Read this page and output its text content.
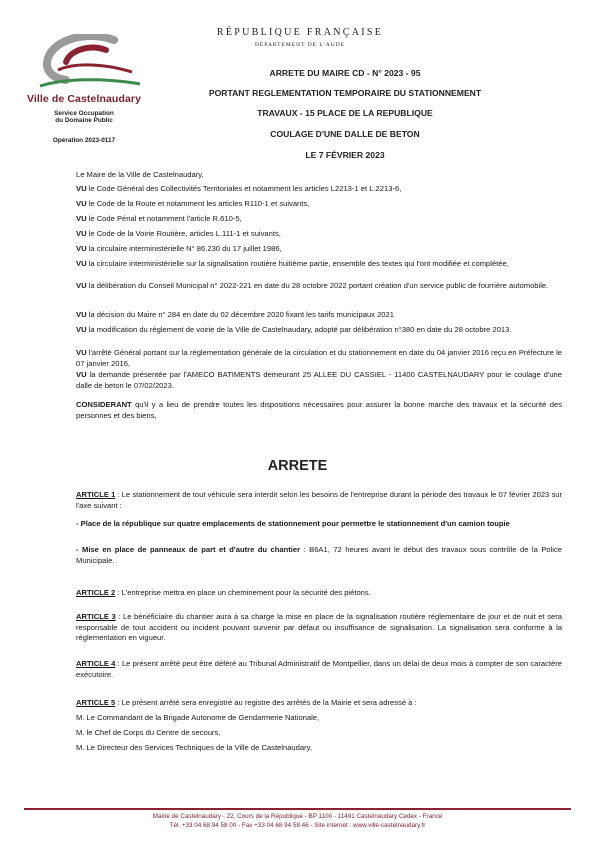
Ville de Castelnaudary
Service Occupation
du Domaine Public
Opération 2023-0117
RÉPUBLIQUE FRANÇAISE
DÉPARTEMENT DE L'AUDE
ARRETE DU MAIRE CD - N° 2023 - 95
PORTANT REGLEMENTATION TEMPORAIRE DU STATIONNEMENT
TRAVAUX - 15 PLACE DE LA REPUBLIQUE
COULAGE D'UNE DALLE DE BETON
LE 7 FÉVRIER 2023
Le Maire de la Ville de Castelnaudary,
VU le Code Général des Collectivités Territoriales et notamment les articles L2213-1 et L.2213-6,
VU le Code de la Route et notamment les articles R110-1 et suivants,
VU le Code Pénal et notamment l'article R.610-5,
VU le Code de la Voirie Routière, articles L.111-1 et suivants,
VU la circulaire interministérielle N° 86.230 du 17 juillet 1986,
VU la circulaire interministérielle sur la signalisation routière huitième partie, ensemble des textes qui l'ont modifiée et complétée,
VU la délibération du Conseil Municipal n° 2022-221 en date du 28 octobre 2022 portant création d'un service public de fourrière automobile.
VU la décision du Maire n° 284 en date du 02 décembre 2020 fixant les tarifs municipaux 2021
VU la modification du règlement de voirie de la Ville de Castelnaudary, adopté par délibération n°380 en date du 28 octobre 2013.
VU l'arrêté Général portant sur la réglementation générale de la circulation et du stationnement en date du 04 janvier 2016 reçu en Préfecture le 07 janvier 2016,
VU la demande présentée par l'AMECO BATIMENTS demeurant 25 ALLEE DU CASSIEL - 11400 CASTELNAUDARY pour le coulage d'une dalle de beton le 07/02/2023.
CONSIDERANT qu'il y a lieu de prendre toutes les dispositions nécessaires pour assurer la bonne marche des travaux et la sécurité des personnes et des biens,
ARRETE
ARTICLE 1 : Le stationnement de tout véhicule sera interdit selon les besoins de l'entreprise durant la période des travaux le 07 février 2023 sur l'axe suivant :
- Place de la république sur quatre emplacements de stationnement pour permettre le stationnement d'un camion toupie
- Mise en place de panneaux de part et d'autre du chantier : B6A1, 72 heures avant le début des travaux sous contrôle de la Police Municipale.
ARTICLE 2 : L'entreprise mettra en place un cheminement pour la sécurité des piétons.
ARTICLE 3 : Le bénéficiaire du chantier aura à sa charge la mise en place de la signalisation routière réglementaire de jour et de nuit et sera responsable de tout accident ou incident pouvant survenir par défaut ou insuffisance de signalisation. La signalisation sera conforme à la réglementation en vigueur.
ARTICLE 4 : Le présent arrêté peut être déféré au Tribunal Administratif de Montpellier, dans un délai de deux mois à compter de son caractère exécutoire.
ARTICLE 5 : Le présent arrêté sera enregistré au registre des arrêtés de la Mairie et sera adressé à :
M. Le Commandant de la Brigade Autonome de Gendarmerie Nationale,
M. le Chef de Corps du Centre de secours,
M. Le Directeur des Services Techniques de la Ville de Castelnaudary,
Mairie de Castelnaudary - 22, Cours de la République - BP 1100 - 11491 Castelnaudary Cedex - France
Tél. +33 04 68 94 58 00 - Fax +33 04 68 94 58 46 - Site internet : www.ville-castelnaudary.fr
